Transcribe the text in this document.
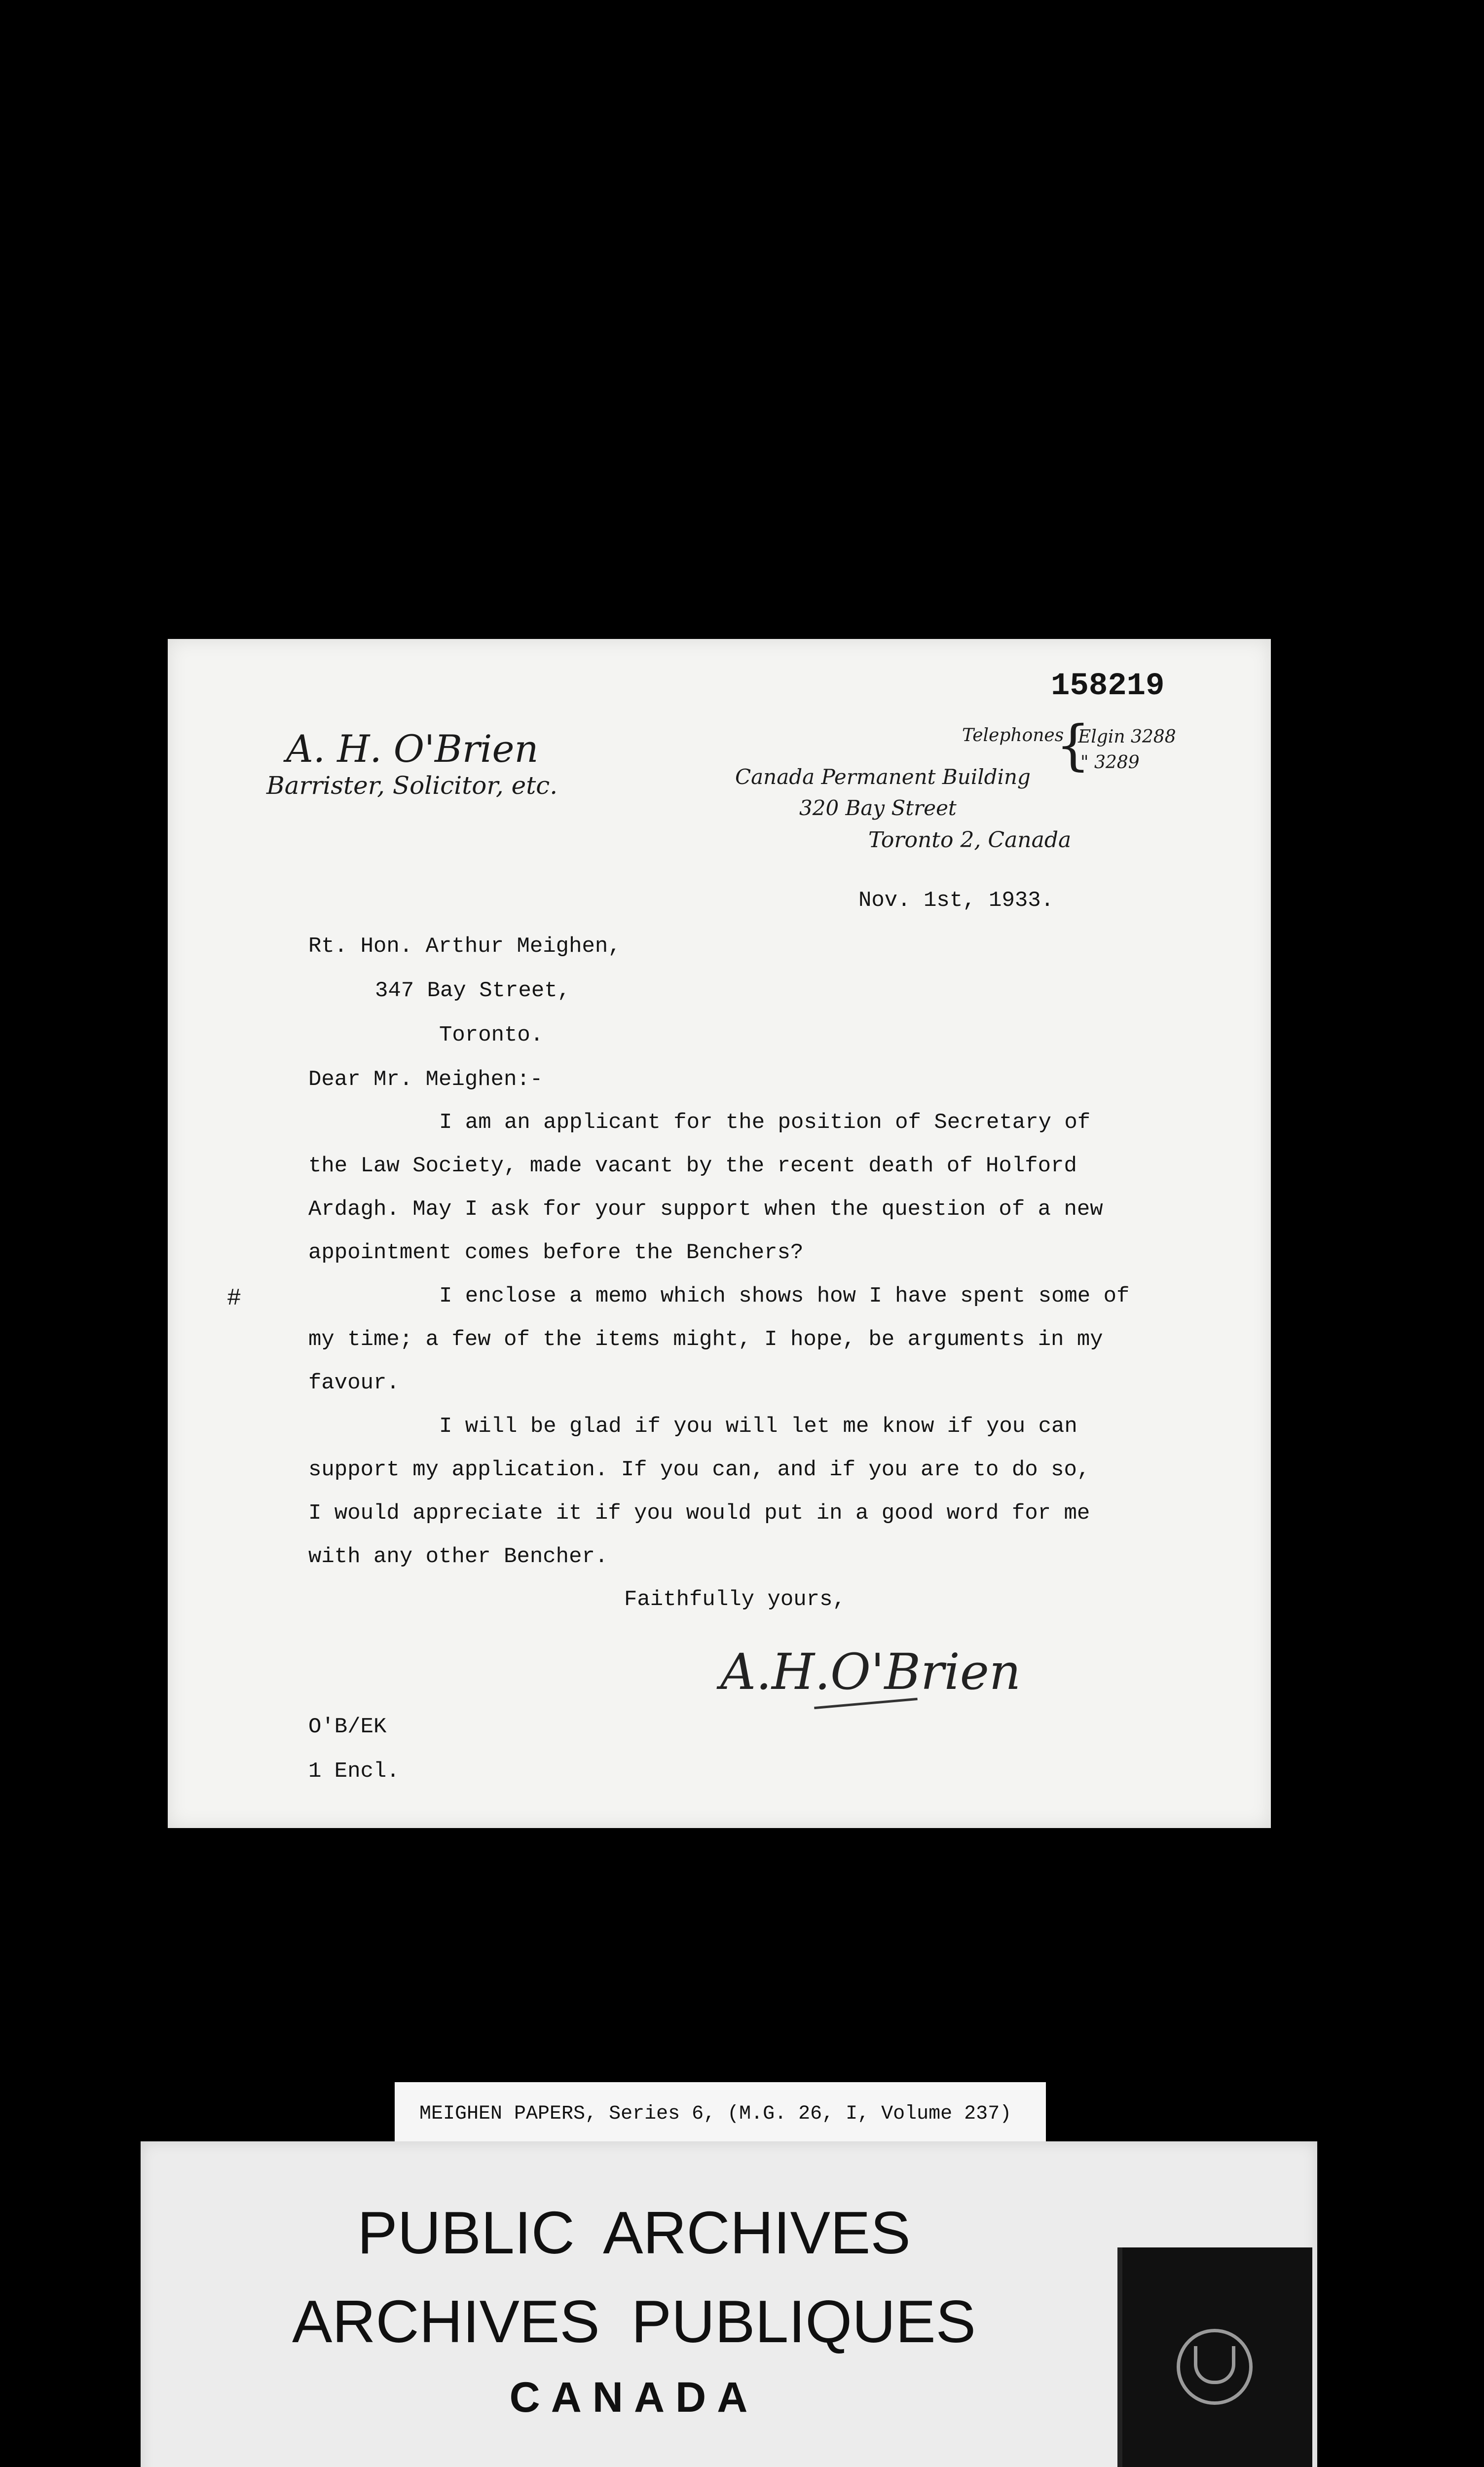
158219
A. H. O'Brien
Barrister, Solicitor, etc.
Telephones
{
Elgin 3288
" 3289
Canada Permanent Building
320 Bay Street
Toronto 2, Canada
Nov. 1st, 1933.
Rt. Hon. Arthur Meighen,
347 Bay Street,
Toronto.
Dear Mr. Meighen:-
I am an applicant for the position of Secretary of
the Law Society, made vacant by the recent death of Holford
Ardagh. May I ask for your support when the question of a new
appointment comes before the Benchers?
#	I enclose a memo which shows how I have spent some of
my time; a few of the items might, I hope, be arguments in my
favour.
I will be glad if you will let me know if you can
support my application. If you can, and if you are to do so,
I would appreciate it if you would put in a good word for me
with any other Bencher.
Faithfully yours,
A.H.O'Brien
O'B/EK
1 Encl.
MEIGHEN PAPERS, Series 6, (M.G. 26, I, Volume 237)
PUBLIC ARCHIVES
ARCHIVES PUBLIQUES
CANADA
